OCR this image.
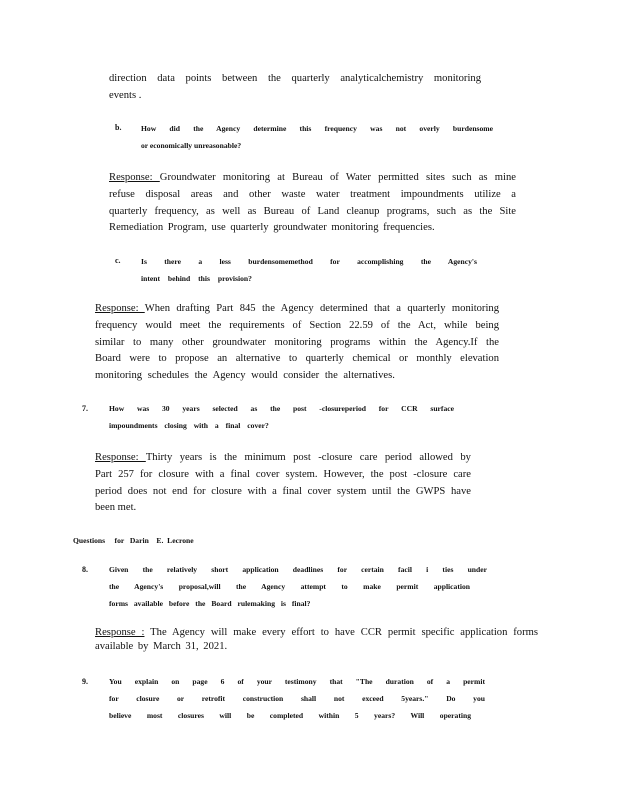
direction data points between the quarterly analyticalchemistry monitoring
events .
b.	How did the Agency determine this frequency was not overly burdensome
or economically unreasonable?
Response: Groundwater monitoring at Bureau of Water permitted sites such as mine
refuse disposal areas and other waste water treatment impoundments utilize a
quarterly frequency, as well as Bureau of Land cleanup programs, such as the Site
Remediation Program, use quarterly groundwater monitoring frequencies.
c.	Is there a less burdensomemethod for accomplishing the Agency's
intent behind this provision?
Response: When drafting Part 845 the Agency determined that a quarterly monitoring
frequency would meet the requirements of Section 22.59 of the Act, while being
similar to many other groundwater monitoring programs within the Agency.If the
Board were to propose an alternative to quarterly chemical or monthly elevation
monitoring schedules the Agency would consider the alternatives.
7.	How was 30 years selected as the post -closureperiod for CCR surface
impoundments closing with a final cover?
Response: Thirty years is the minimum post -closure care period allowed by
Part 257 for closure with a final cover system. However, the post -closure care
period does not end for closure with a final cover system until the GWPS have
been met.
Questions     for   Darin    E.  Lecrone
8.	Given the relatively short application deadlines for certain facil i ties under
the Agency's proposal,will the Agency attempt to make permit application
forms available before the Board rulemaking is final?
Response : The Agency will make every effort to have CCR permit specific application forms
available by March 31, 2021.
9.	You explain on page 6 of your testimony that "The duration of a permit
for closure or retrofit construction shall not exceed 5years." Do you
believe most closures will be completed within 5 years? Will operating
